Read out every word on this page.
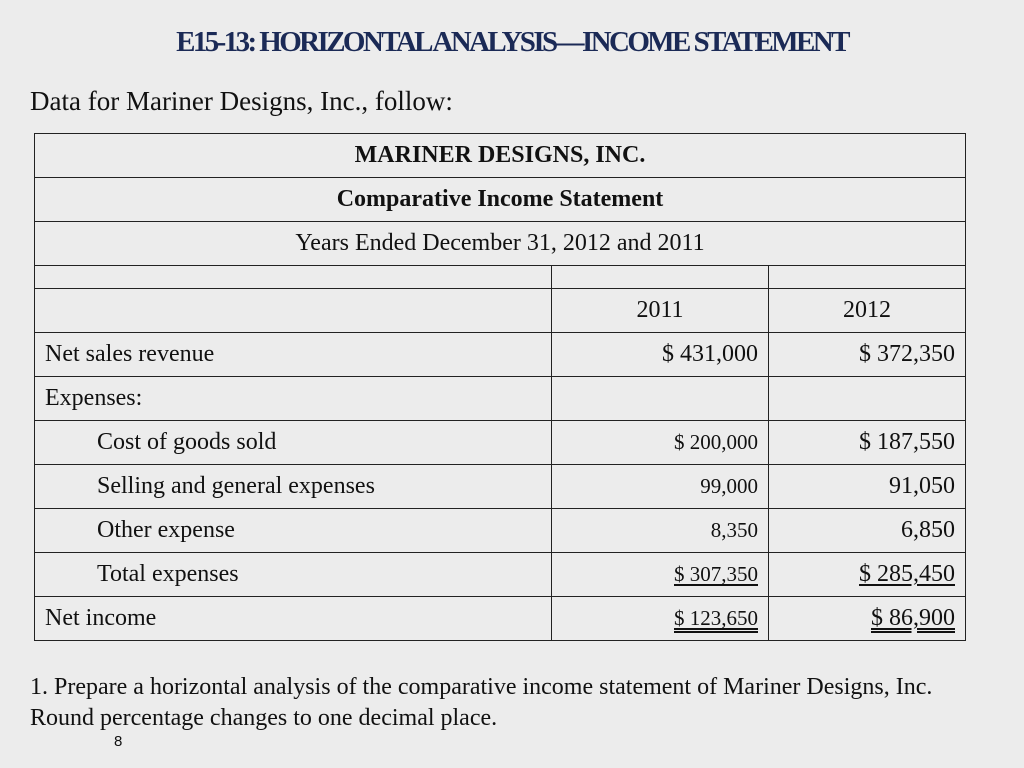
E15-13: HORIZONTAL ANALYSIS—INCOME STATEMENT
Data for Mariner Designs, Inc., follow:
MARINER DESIGNS, INC.		
Comparative Income Statement		
Years Ended December 31, 2012 and 2011		

	2011	2012
Net sales revenue	$ 431,000	$ 372,350
Expenses:		
Cost of goods sold	$ 200,000	$ 187,550
Selling and general expenses	99,000	91,050
Other expense	8,350	6,850
Total expenses	$ 307,350	$ 285,450
Net income	$ 123,650	$ 86,900
1. Prepare a horizontal analysis of the comparative income statement of Mariner Designs, Inc. Round percentage changes to one decimal place.
8
